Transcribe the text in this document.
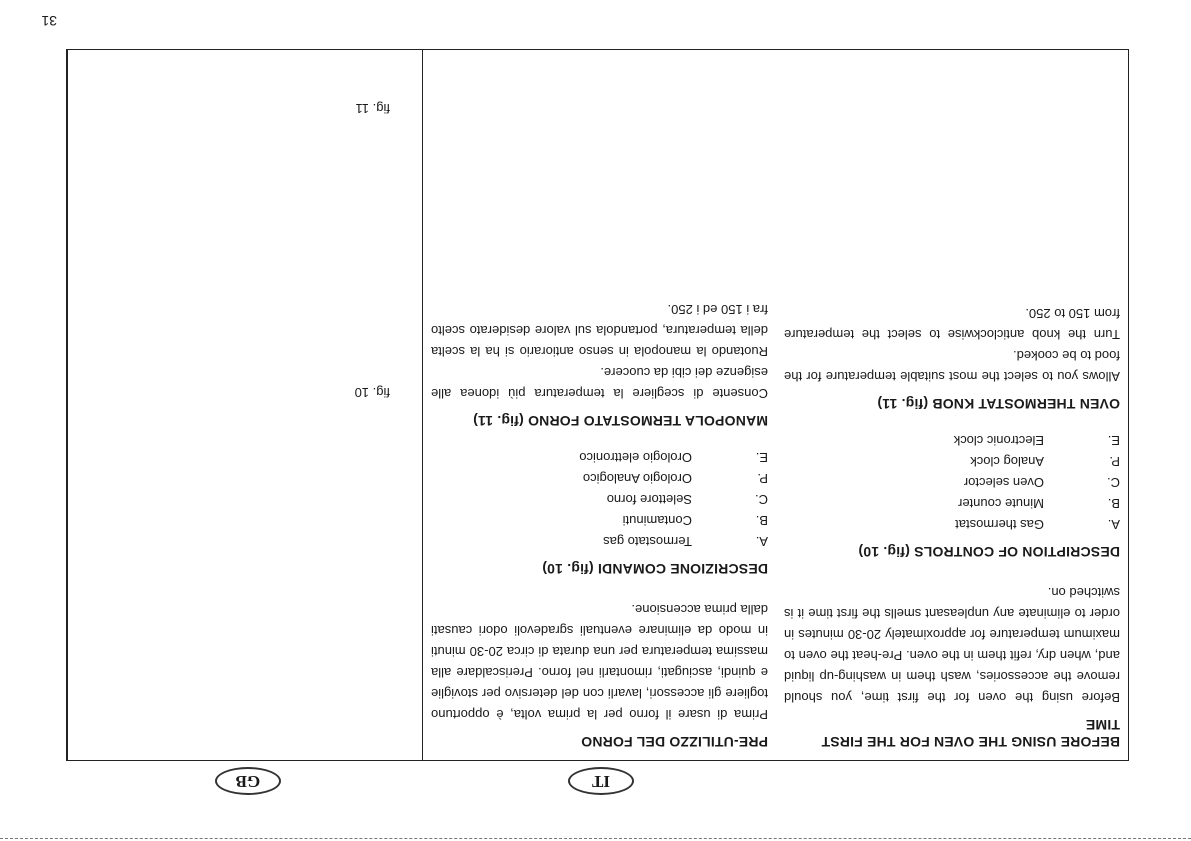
31
GB	IT
BEFORE USING THE OVEN FOR THE FIRST TIME

Before using the oven for the first time, you should remove the accessories, wash them in washing-up liquid and, when dry, refit them in the oven. Pre-heat the oven to maximum temperature for approximately 20-30 minutes in order to eliminate any unpleasant smells the first time it is switched on.

DESCRIPTION OF CONTROLS (fig. 10)
A.
Gas thermostat
B.
Minute counter
C.
Oven selector
P.
Analog clock
E.
Electronic clock
OVEN THERMOSTAT KNOB (fig. 11)

Allows you to select the most suitable temperature for the food to be cooked.

Turn the knob anticlockwise to select the temperature from 150 to 250.

PRE-UTILIZZO DEL FORNO

Prima di usare il forno per la prima volta, è opportuno togliere gli accessori, lavarli con del detersivo per stoviglie e quindi, asciugati, rimontarli nel forno. Preriscaldare alla massima temperatura per una durata di circa 20-30 minuti in modo da eliminare eventuali sgradevoli odori causati dalla prima accensione.

DESCRIZIONE COMANDI (fig. 10)
A.
Termostato gas
B.
Contaminuti
C.
Selettore forno
P.
Orologio Analogico
E.
Orologio elettronico
MANOPOLA TERMOSTATO FORNO (fig. 11)

Consente di scegliere la temperatura più idonea alle esigenze dei cibi da cuocere.

Ruotando la manopola in senso antiorario si ha la scelta della temperatura, portandola sul valore desiderato scelto fra i 150 ed i 250.

fig. 10
fig. 11
